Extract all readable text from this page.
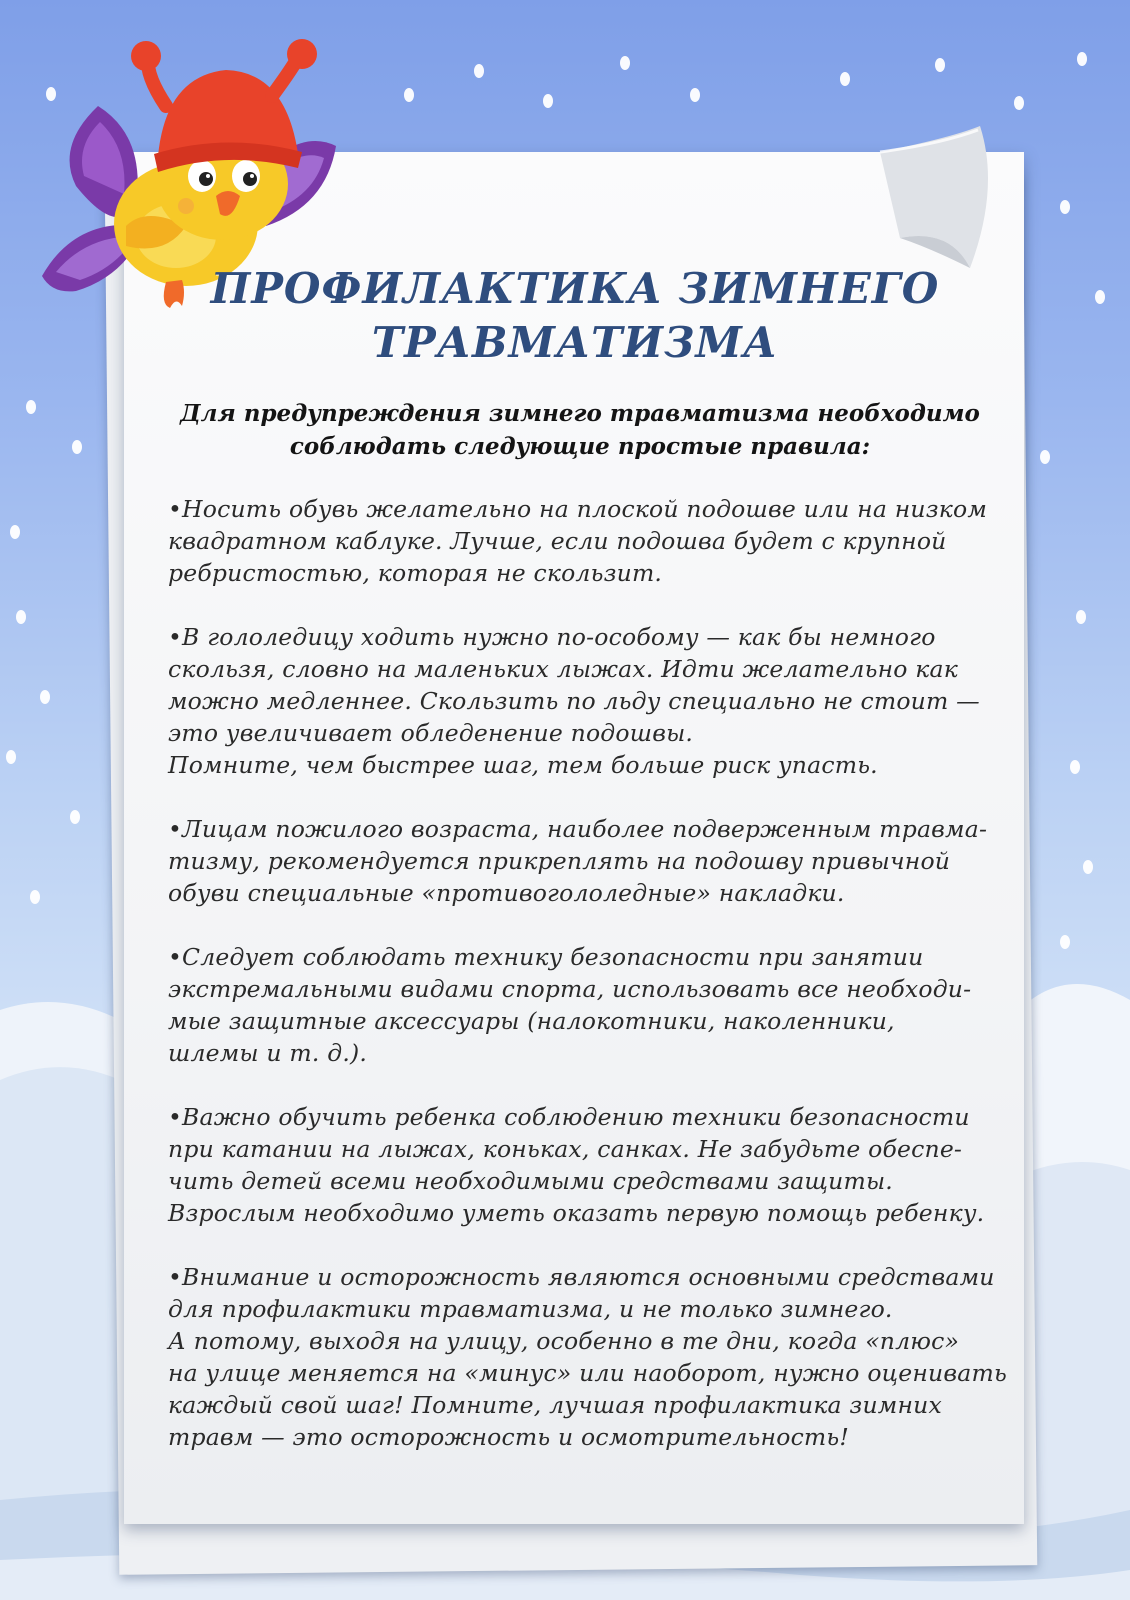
ПРОФИЛАКТИКА ЗИМНЕГО
ТРАВМАТИЗМА
Для предупреждения зимнего травматизма необходимо
соблюдать следующие простые правила:
•Носить обувь желательно на плоской подошве или на низком
квадратном каблуке. Лучше, если подошва будет с крупной
ребристостью, которая не скользит.
•В гололедицу ходить нужно по-особому — как бы немного
скользя, словно на маленьких лыжах. Идти желательно как
можно медленнее. Скользить по льду специально не стоит —
это увеличивает обледенение подошвы.
Помните, чем быстрее шаг, тем больше риск упасть.
•Лицам пожилого возраста, наиболее подверженным травма-
тизму, рекомендуется прикреплять на подошву привычной
обуви специальные «противогололедные» накладки.
•Следует соблюдать технику безопасности при занятии
экстремальными видами спорта, использовать все необходи-
мые защитные аксессуары (налокотники, наколенники,
шлемы и т. д.).
•Важно обучить ребенка соблюдению техники безопасности
при катании на лыжах, коньках, санках. Не забудьте обеспе-
чить детей всеми необходимыми средствами защиты.
Взрослым необходимо уметь оказать первую помощь ребенку.
•Внимание и осторожность являются основными средствами
для профилактики травматизма, и не только зимнего.
А потому, выходя на улицу, особенно в те дни, когда «плюс»
на улице меняется на «минус» или наоборот, нужно оценивать
каждый свой шаг! Помните, лучшая профилактика зимних
травм — это осторожность и осмотрительность!
